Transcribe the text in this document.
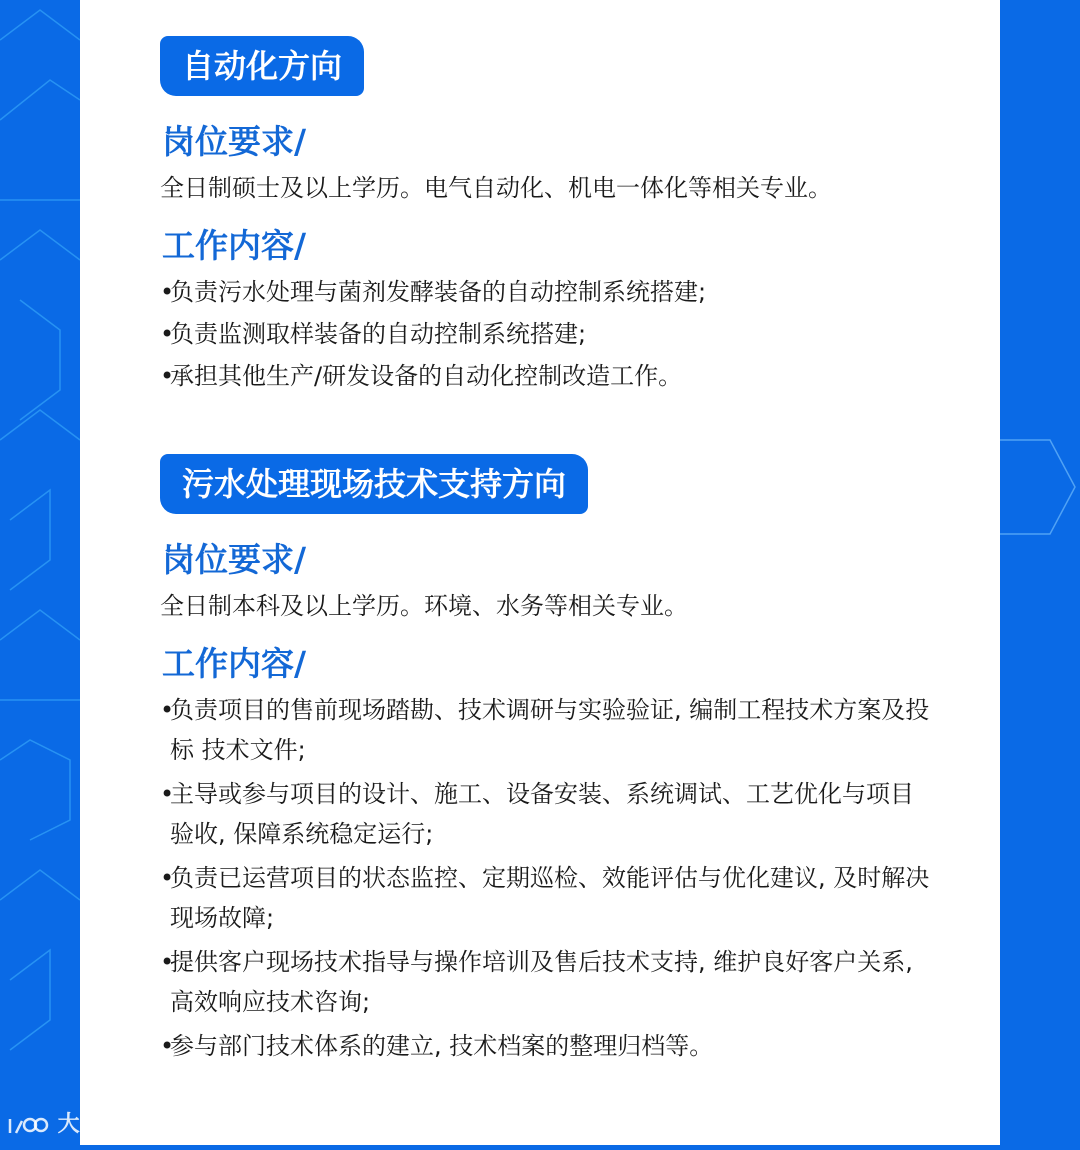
自动化方向
岗位要求/
全日制硕士及以上学历。电气自动化、机电一体化等相关专业。
工作内容/
•
负责污水处理与菌剂发酵装备的自动控制系统搭建;
•
负责监测取样装备的自动控制系统搭建;
•
承担其他生产/研发设备的自动化控制改造工作。
污水处理现场技术支持方向
岗位要求/
全日制本科及以上学历。环境、水务等相关专业。
工作内容/
•
负责项目的售前现场踏勘、技术调研与实验验证, 编制工程技术方案及投标 技术文件;
•
主导或参与项目的设计、施工、设备安装、系统调试、工艺优化与项目验收, 保障系统稳定运行;
•
负责已运营项目的状态监控、定期巡检、效能评估与优化建议, 及时解决现场故障;
•
提供客户现场技术指导与操作培训及售后技术支持, 维护良好客户关系, 高效响应技术咨询;
•
参与部门技术体系的建立, 技术档案的整理归档等。
大数跨境
